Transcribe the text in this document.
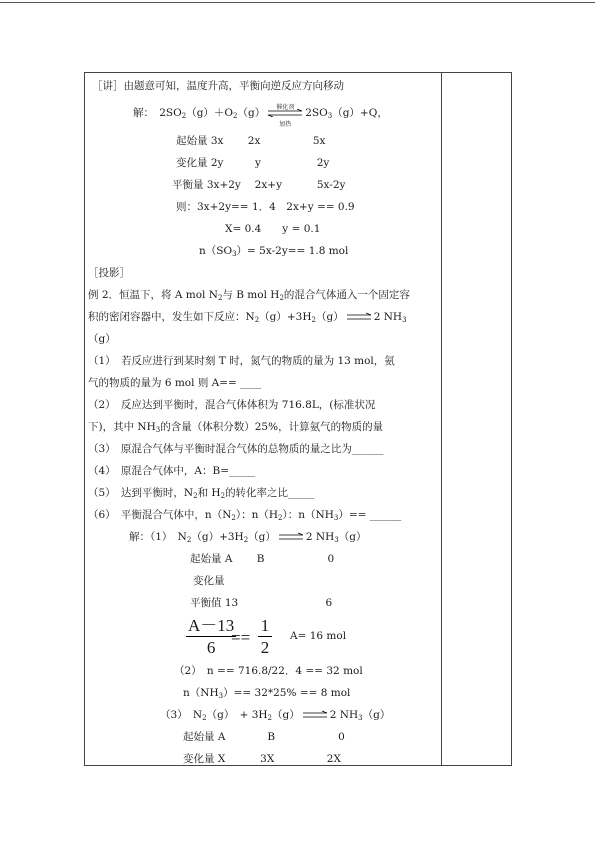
［讲］由题意可知，温度升高，平衡向逆反应方向移动
解：　$2SO_2(g)+O_2(g)$	催化剂
加热
$2SO_3(g)+Q$，
起始量 3x　　 2x　　　　　5x
变化量 2y　　　y　　　　　 2y
平衡量 3x+2y　 2x+y　　　 5x-2y
则：3x+2y== 1．4　2x+y == 0.9
X= 0.4　　y = 0.1
$n(SO_3)= 5x-2y== 1.8$ mol
［投影］
例 2．恒温下，将 A mol $N_2$与 B mol $H_2$的混合气体通入一个固定容
积的密闭容器中，发生如下反应：$N_2(g)+3H_2(g)$	2 $NH_3$
（g）
（1）　若反应进行到某时刻 T 时，氮气的物质的量为 13 mol，氨
气的物质的量为 6 mol 则 A== ____
（2）　反应达到平衡时，混合气体体积为 716.8L，(标准状况
下)，其中 $NH_3$的含量（体积分数）25%，计算氨气的物质的量
（3）　原混合气体与平衡时混合气体的总物质的量之比为______
（4）　原混合气体中，A：B=_____
（5）　达到平衡时，$N_2$和 $H_2$的转化率之比_____
（6）　平衡混合气体中，$n(N_2)$：$n(H_2)$：$n(NH_3)==$ ______
解：（1）　$N_2(g)+3H_2(g)$	2 $NH_3(g)$
起始量 A　　 B　　　　　　0
变化量
平衡值 13　　　　　　　　 6
A－13
6
==
1
2
A= 16 mol
（2）　n == 716.8/22．4 == 32 mol
$n(NH_3)== 32*25\% == 8$ mol
（3）　$N_2(g)$　+ $3H_2(g)$	2 $NH_3(g)$
起始量 A　　　　B　　　　　　0
变化量 X　　　 3X　　　　　2X
